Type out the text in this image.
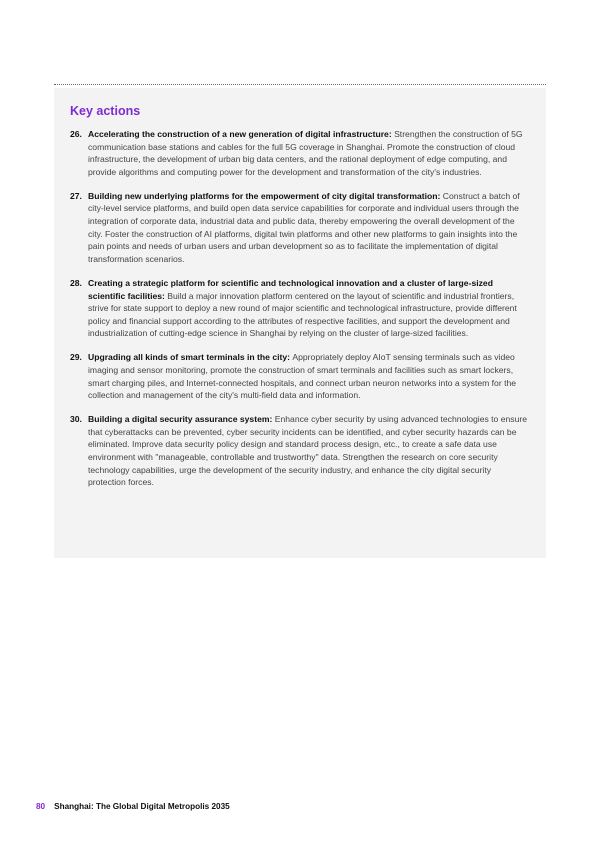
Key actions
26. Accelerating the construction of a new generation of digital infrastructure: Strengthen the construction of 5G communication base stations and cables for the full 5G coverage in Shanghai. Promote the construction of cloud infrastructure, the development of urban big data centers, and the rational deployment of edge computing, and provide algorithms and computing power for the development and transformation of the city's industries.
27. Building new underlying platforms for the empowerment of city digital transformation: Construct a batch of city-level service platforms, and build open data service capabilities for corporate and individual users through the integration of corporate data, industrial data and public data, thereby empowering the overall development of the city. Foster the construction of AI platforms, digital twin platforms and other new platforms to gain insights into the pain points and needs of urban users and urban development so as to facilitate the implementation of digital transformation scenarios.
28. Creating a strategic platform for scientific and technological innovation and a cluster of large-sized scientific facilities: Build a major innovation platform centered on the layout of scientific and industrial frontiers, strive for state support to deploy a new round of major scientific and technological infrastructure, provide different policy and financial support according to the attributes of respective facilities, and support the development and industrialization of cutting-edge science in Shanghai by relying on the cluster of large-sized facilities.
29. Upgrading all kinds of smart terminals in the city: Appropriately deploy AIoT sensing terminals such as video imaging and sensor monitoring, promote the construction of smart terminals and facilities such as smart lockers, smart charging piles, and Internet-connected hospitals, and connect urban neuron networks into a system for the collection and management of the city's multi-field data and information.
30. Building a digital security assurance system: Enhance cyber security by using advanced technologies to ensure that cyberattacks can be prevented, cyber security incidents can be identified, and cyber security hazards can be eliminated. Improve data security policy design and standard process design, etc., to create a safe data use environment with "manageable, controllable and trustworthy" data. Strengthen the research on core security technology capabilities, urge the development of the security industry, and enhance the city digital security protection forces.
80 Shanghai: The Global Digital Metropolis 2035
